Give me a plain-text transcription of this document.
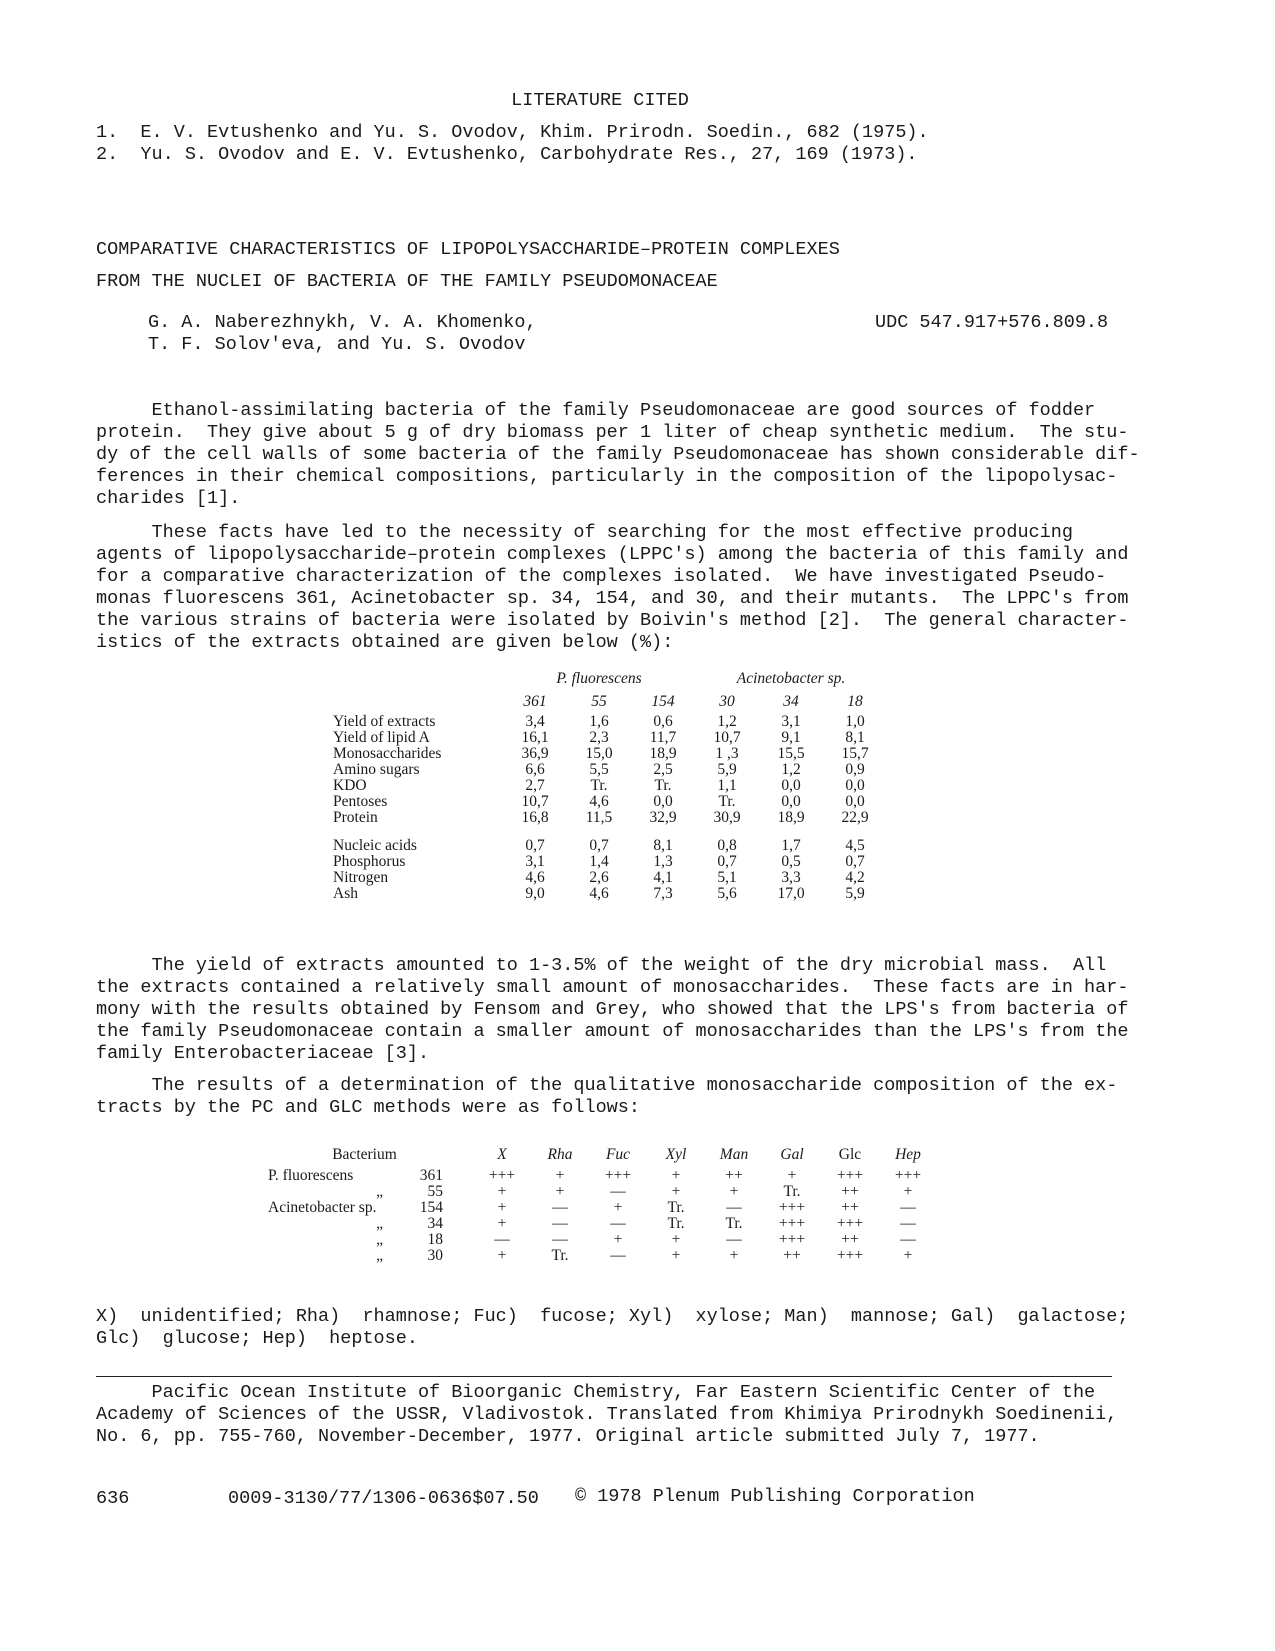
LITERATURE CITED
1.  E. V. Evtushenko and Yu. S. Ovodov, Khim. Prirodn. Soedin., 682 (1975).
2.  Yu. S. Ovodov and E. V. Evtushenko, Carbohydrate Res., 27, 169 (1973).
COMPARATIVE CHARACTERISTICS OF LIPOPOLYSACCHARIDE–PROTEIN COMPLEXES
FROM THE NUCLEI OF BACTERIA OF THE FAMILY PSEUDOMONACEAE
G. A. Naberezhnykh, V. A. Khomenko,
T. F. Solov'eva, and Yu. S. Ovodov
UDC 547.917+576.809.8
Ethanol-assimilating bacteria of the family Pseudomonaceae are good sources of fodder
protein.  They give about 5 g of dry biomass per 1 liter of cheap synthetic medium.  The stu-
dy of the cell walls of some bacteria of the family Pseudomonaceae has shown considerable dif-
ferences in their chemical compositions, particularly in the composition of the lipopolysac-
charides [1].
These facts have led to the necessity of searching for the most effective producing
agents of lipopolysaccharide–protein complexes (LPPC's) among the bacteria of this family and
for a comparative characterization of the complexes isolated.  We have investigated Pseudo-
monas fluorescens 361, Acinetobacter sp. 34, 154, and 30, and their mutants.  The LPPC's from
the various strains of bacteria were isolated by Boivin's method [2].  The general character-
istics of the extracts obtained are given below (%):
	P. fluorescens			Acinetobacter sp.		
	361	55	154	30	34	18
Yield of extracts	3,4	1,6	0,6	1,2	3,1	1,0
Yield of lipid A	16,1	2,3	11,7	10,7	9,1	8,1
Monosaccharides	36,9	15,0	18,9	1 ,3	15,5	15,7
Amino sugars	6,6	5,5	2,5	5,9	1,2	0,9
KDO	2,7	Tr.	Tr.	1,1	0,0	0,0
Pentoses	10,7	4,6	0,0	Tr.	0,0	0,0
Protein	16,8	11,5	32,9	30,9	18,9	22,9

Nucleic acids	0,7	0,7	8,1	0,8	1,7	4,5
Phosphorus	3,1	1,4	1,3	0,7	0,5	0,7
Nitrogen	4,6	2,6	4,1	5,1	3,3	4,2
Ash	9,0	4,6	7,3	5,6	17,0	5,9
The yield of extracts amounted to 1-3.5% of the weight of the dry microbial mass.  All
the extracts contained a relatively small amount of monosaccharides.  These facts are in har-
mony with the results obtained by Fensom and Grey, who showed that the LPS's from bacteria of
the family Pseudomonaceae contain a smaller amount of monosaccharides than the LPS's from the
family Enterobacteriaceae [3].
The results of a determination of the qualitative monosaccharide composition of the ex-
tracts by the PC and GLC methods were as follows:
Bacterium		X	Rha	Fuc	Xyl	Man	Gal	Glc	Hep
P. fluorescens	361	+++	+	+++	+	++	+	+++	+++
„	55	+	+	—	+	+	Tr.	++	+
Acinetobacter sp.	154	+	—	+	Tr.	—	+++	++	—
„	34	+	—	—	Tr.	Tr.	+++	+++	—
„	18	—	—	+	+	—	+++	++	—
„	30	+	Tr.	—	+	+	++	+++	+
X)  unidentified; Rha)  rhamnose; Fuc)  fucose; Xyl)  xylose; Man)  mannose; Gal)  galactose;
Glc)  glucose; Hep)  heptose.
Pacific Ocean Institute of Bioorganic Chemistry, Far Eastern Scientific Center of the
Academy of Sciences of the USSR, Vladivostok. Translated from Khimiya Prirodnykh Soedinenii,
No. 6, pp. 755-760, November-December, 1977. Original article submitted July 7, 1977.
636	0009-3130/77/1306-0636$07.50 © 1978 Plenum Publishing Corporation
